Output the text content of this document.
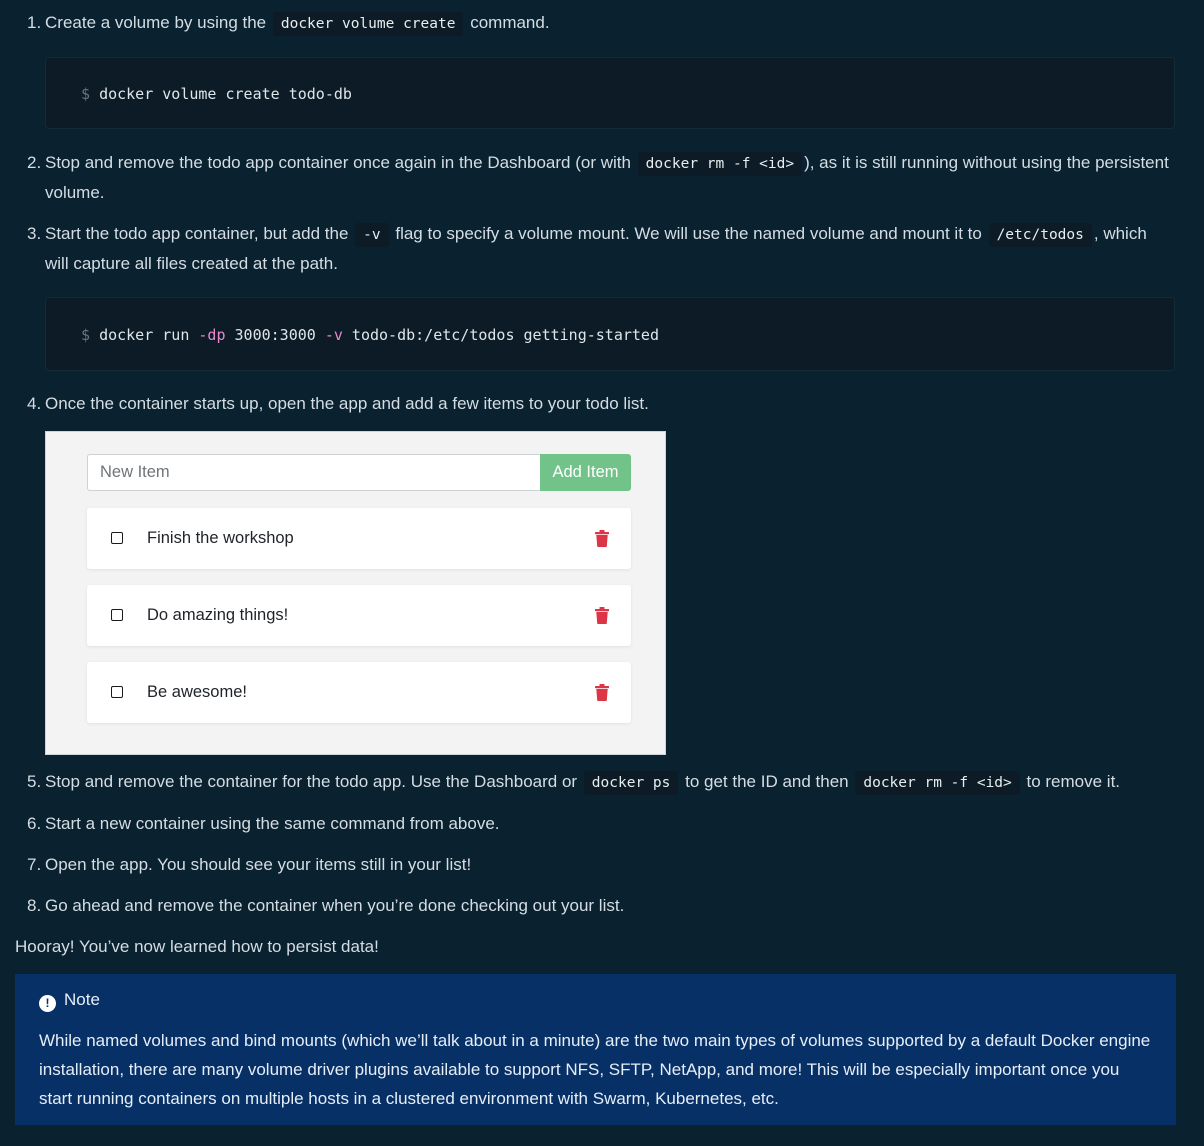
1. Create a volume by using the docker volume create command.
$ docker volume create todo-db
2. Stop and remove the todo app container once again in the Dashboard (or with docker rm -f <id> ), as it is still running without using the persistent volume.
3. Start the todo app container, but add the -v flag to specify a volume mount. We will use the named volume and mount it to /etc/todos , which will capture all files created at the path.
$ docker run -dp 3000:3000 -v todo-db:/etc/todos getting-started
4. Once the container starts up, open the app and add a few items to your todo list.
New Item	Add Item
Finish the workshop
Do amazing things!
Be awesome!
5. Stop and remove the container for the todo app. Use the Dashboard or docker ps to get the ID and then docker rm -f <id> to remove it.
6. Start a new container using the same command from above.
7. Open the app. You should see your items still in your list!
8. Go ahead and remove the container when you’re done checking out your list.
Hooray! You’ve now learned how to persist data!
! Note
While named volumes and bind mounts (which we’ll talk about in a minute) are the two main types of volumes supported by a default Docker engine installation, there are many volume driver plugins available to support NFS, SFTP, NetApp, and more! This will be especially important once you start running containers on multiple hosts in a clustered environment with Swarm, Kubernetes, etc.
